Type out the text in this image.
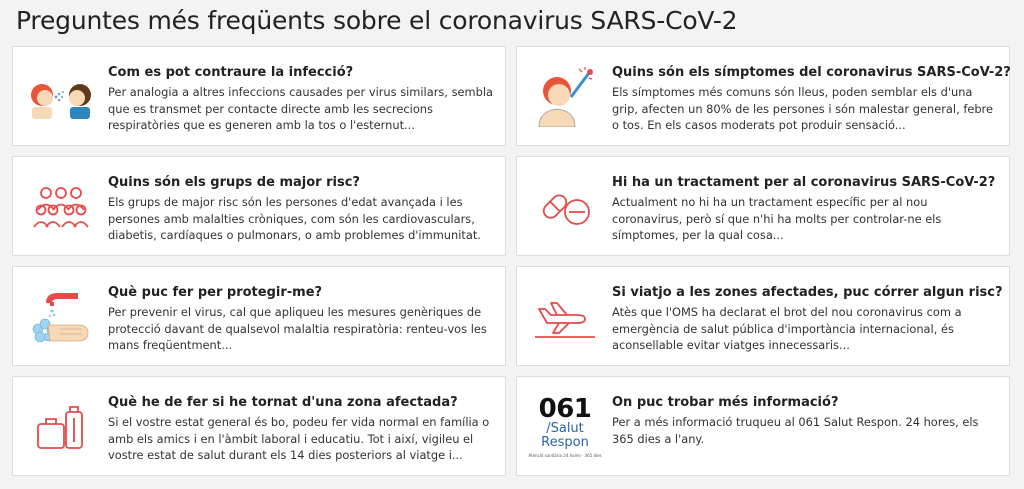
Preguntes més freqüents sobre el coronavirus SARS-CoV-2
Com es pot contraure la infecció?

Per analogia a altres infeccions causades per virus similars, sembla que es transmet per contacte directe amb les secrecions respiratòries que es generen amb la tos o l'esternut...

Quins són els símptomes del coronavirus SARS-CoV-2?

Els símptomes més comuns són lleus, poden semblar els d'una grip, afecten un 80% de les persones i són malestar general, febre o tos. En els casos moderats pot produir sensació...

Quins són els grups de major risc?

Els grups de major risc són les persones d'edat avançada i les persones amb malalties cròniques, com són les cardiovasculars, diabetis, cardíaques o pulmonars, o amb problemes d'immunitat.

Hi ha un tractament per al coronavirus SARS-CoV-2?

Actualment no hi ha un tractament específic per al nou coronavirus, però sí que n'hi ha molts per controlar-ne els símptomes, per la qual cosa...

Què puc fer per protegir-me?

Per prevenir el virus, cal que apliqueu les mesures genèriques de protecció davant de qualsevol malaltia respiratòria: renteu-vos les mans freqüentment...

Si viatjo a les zones afectades, puc córrer algun risc?

Atès que l'OMS ha declarat el brot del nou coronavirus com a emergència de salut pública d'importància internacional, és aconsellable evitar viatges innecessaris...

Què he de fer si he tornat d'una zona afectada?

Si el vostre estat general és bo, podeu fer vida normal en família o amb els amics i en l'àmbit laboral i educatiu. Tot i així, vigileu el vostre estat de salut durant els 14 dies posteriors al viatge i...

061
/Salut
Respon
Atenció sanitària 24 hores · 365 dies
On puc trobar més informació?

Per a més informació truqueu al 061 Salut Respon. 24 hores, els 365 dies a l'any.
